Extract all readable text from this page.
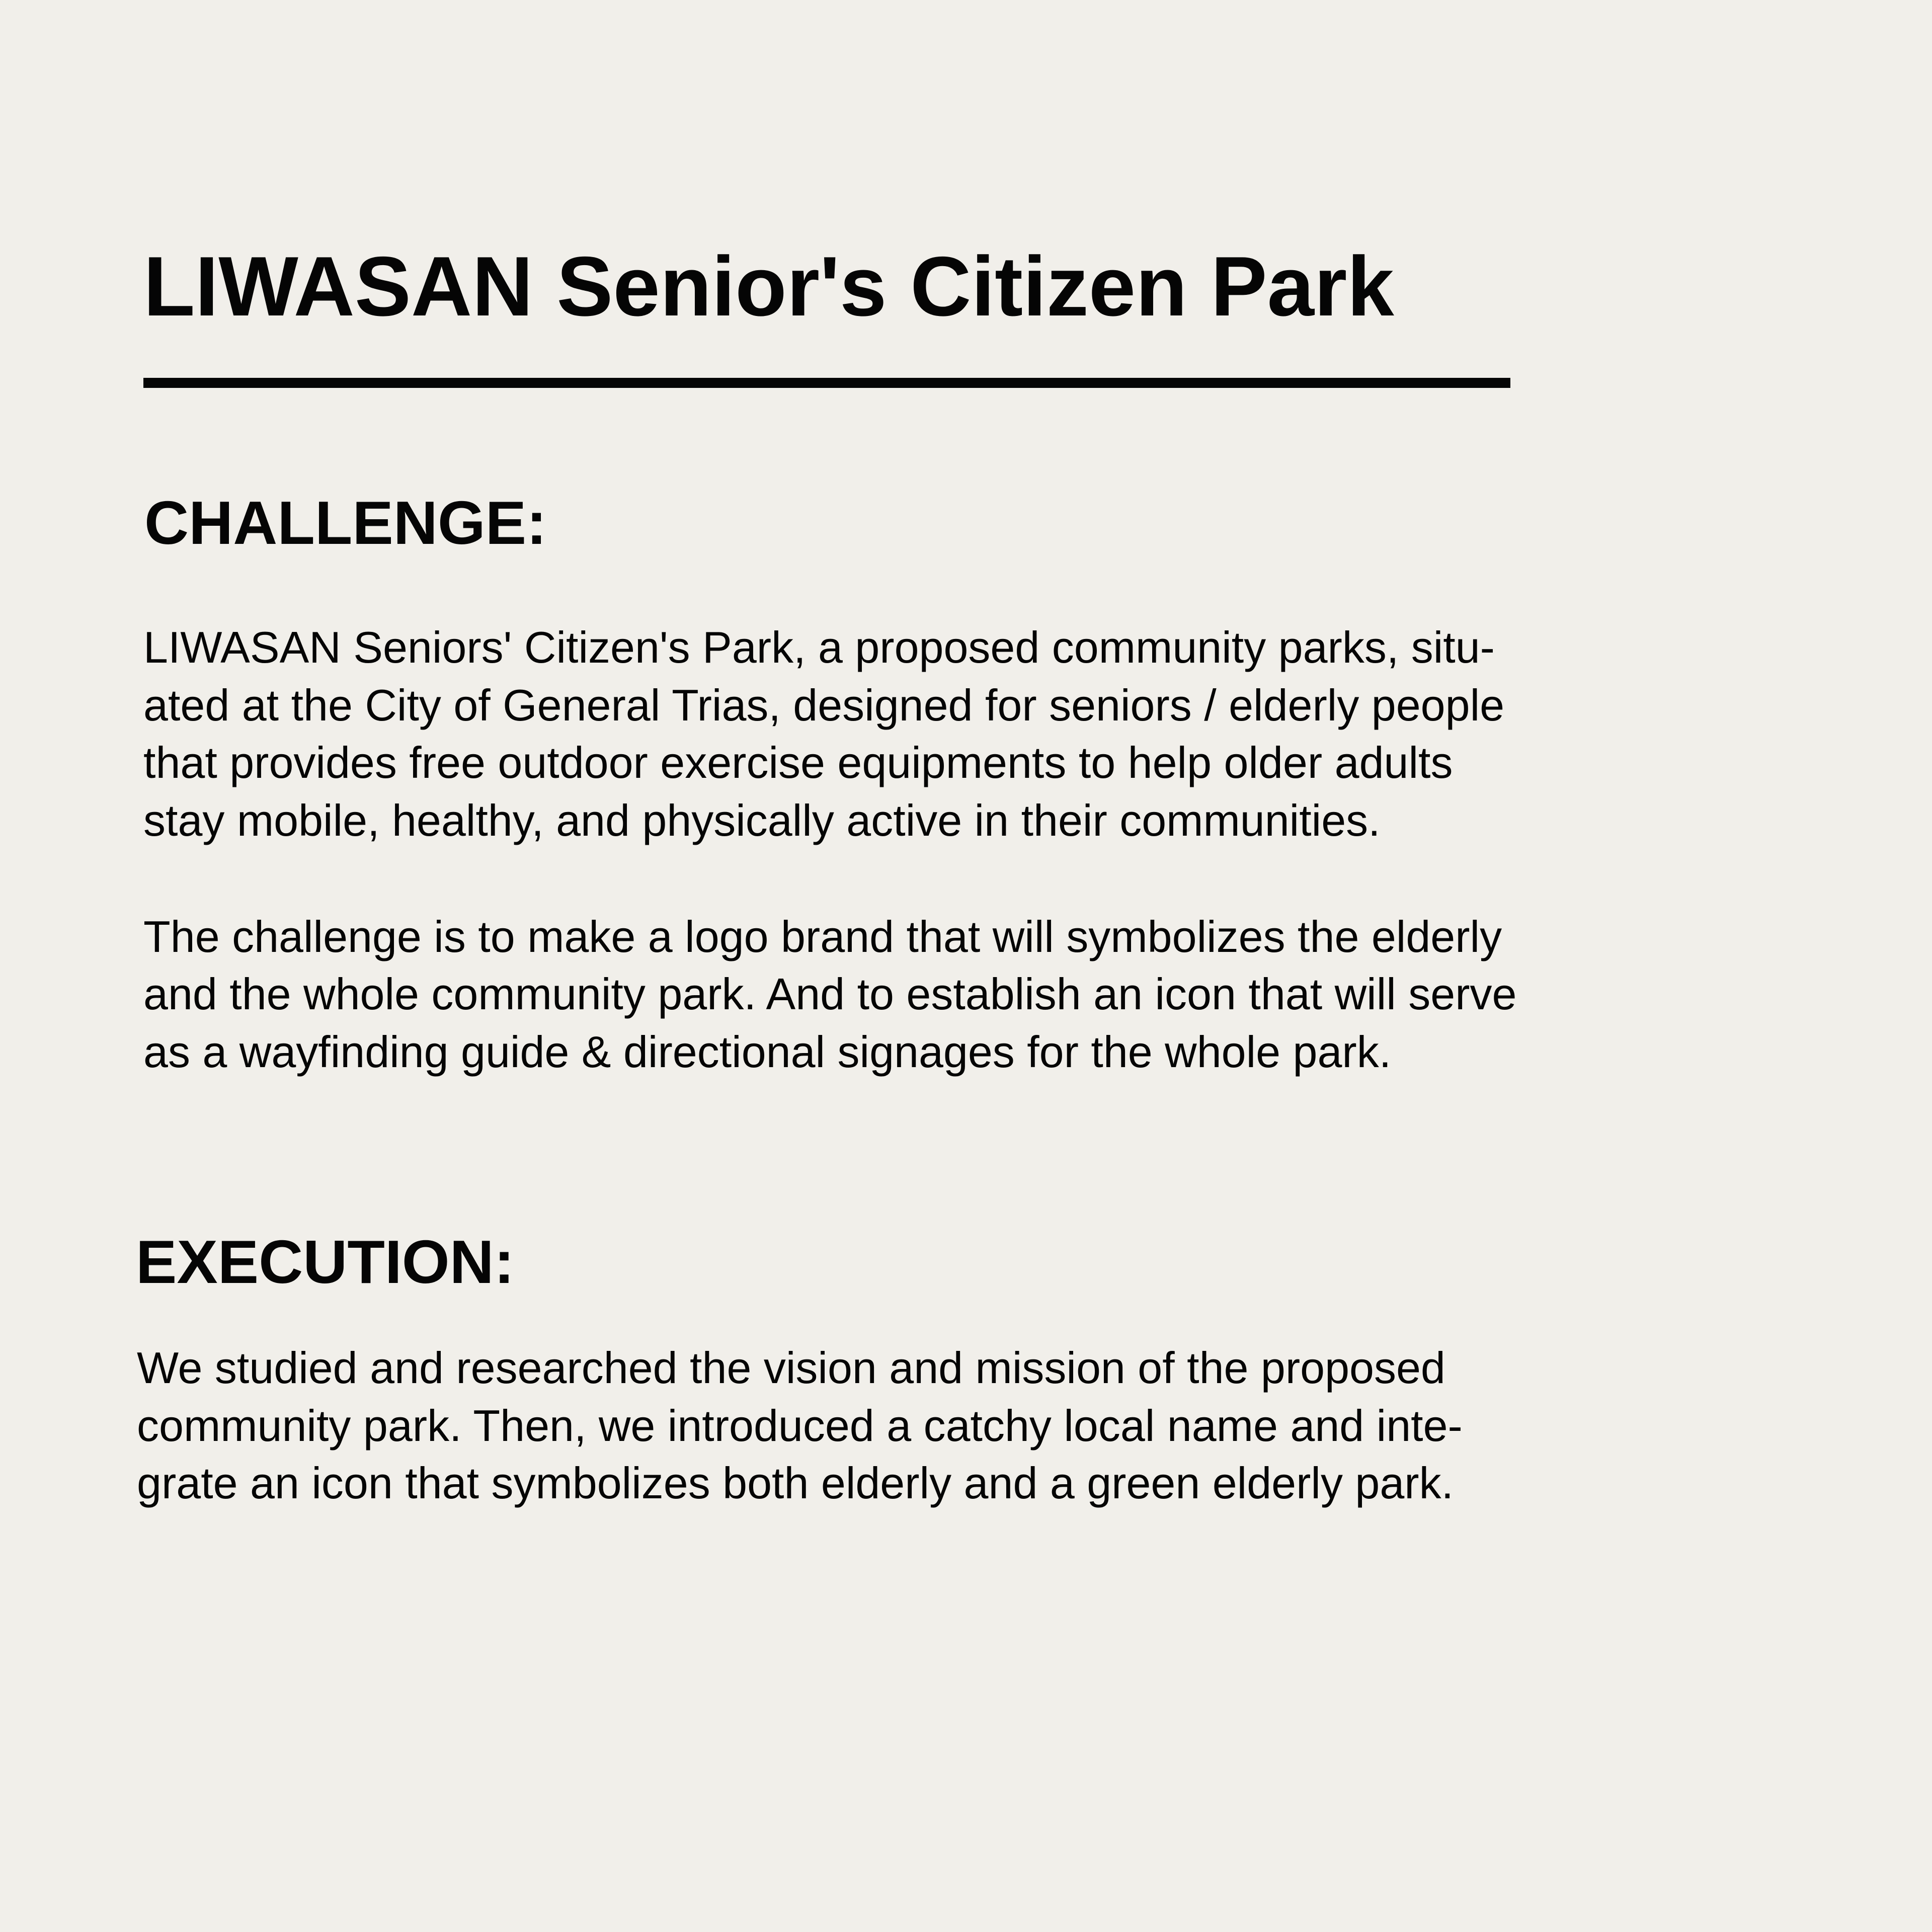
LIWASAN Senior's Citizen Park
CHALLENGE:

LIWASAN Seniors' Citizen's Park, a proposed community parks, situ-

ated at the City of General Trias, designed for seniors / elderly people

that provides free outdoor exercise equipments to help older adults

stay mobile, healthy, and physically active in their communities.

The challenge is to make a logo brand that will symbolizes the elderly

and the whole community park. And to establish an icon that will serve

as a wayfinding guide & directional signages for the whole park.

EXECUTION:

We studied and researched the vision and mission of the proposed

community park. Then, we introduced a catchy local name and inte-

grate an icon that symbolizes both elderly and a green elderly park.
